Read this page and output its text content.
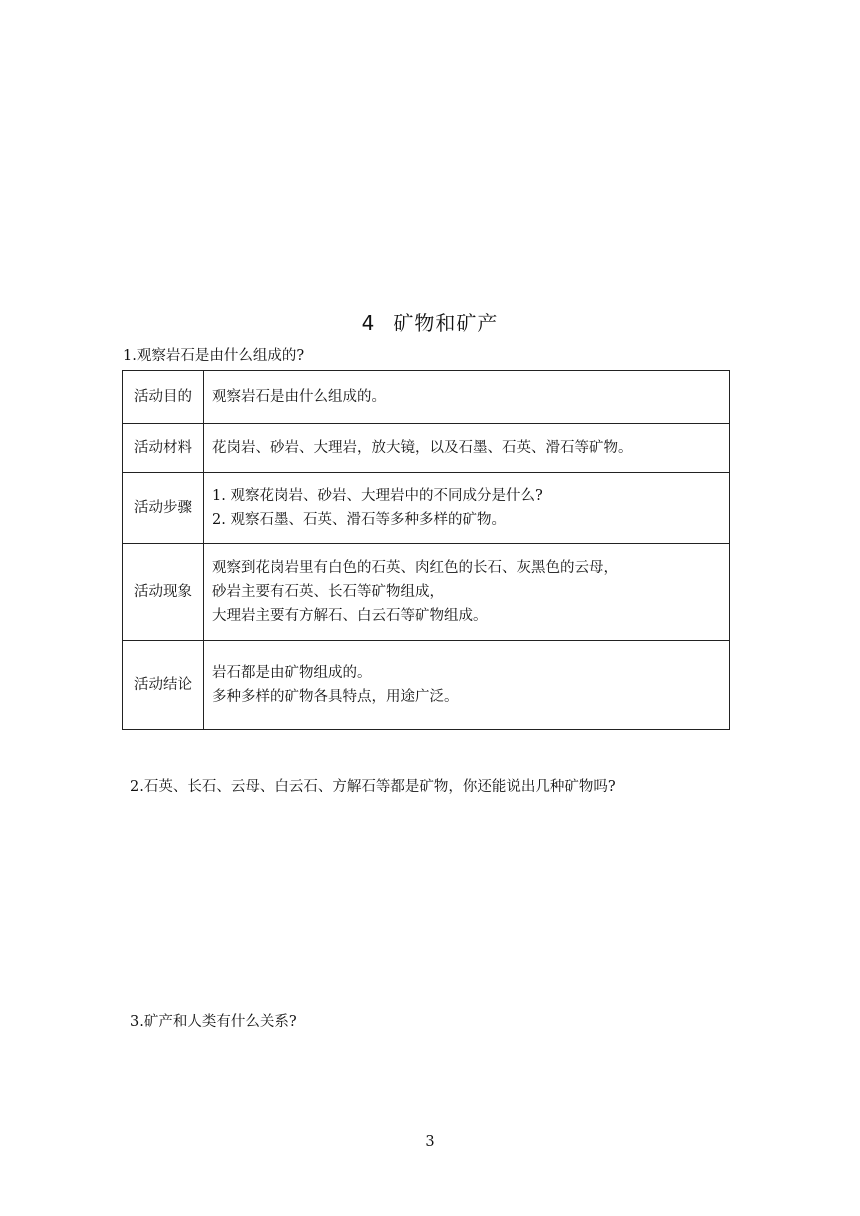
4 矿物和矿产
1.观察岩石是由什么组成的?
活动目的	观察岩石是由什么组成的。

活动材料	花岗岩、砂岩、大理岩，放大镜，以及石墨、石英、滑石等矿物。

活动步骤	1. 观察花岗岩、砂岩、大理岩中的不同成分是什么?
2. 观察石墨、石英、滑石等多种多样的矿物。

活动现象	观察到花岗岩里有白色的石英、肉红色的长石、灰黑色的云母，
砂岩主要有石英、长石等矿物组成，
大理岩主要有方解石、白云石等矿物组成。

活动结论	岩石都是由矿物组成的。
多种多样的矿物各具特点，用途广泛。
2.石英、长石、云母、白云石、方解石等都是矿物，你还能说出几种矿物吗?
3.矿产和人类有什么关系?
3
